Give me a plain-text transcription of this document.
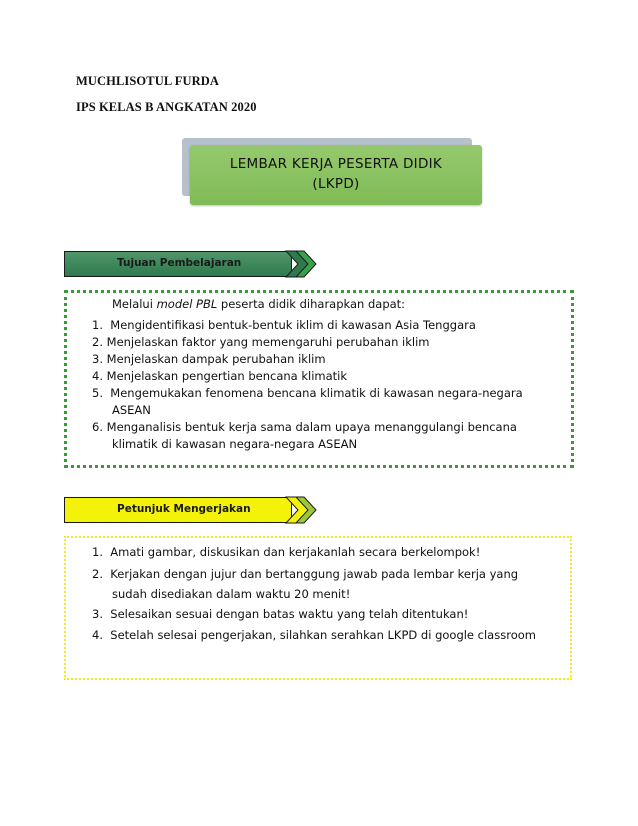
MUCHLISOTUL FURDA
IPS KELAS B ANGKATAN 2020
LEMBAR KERJA PESERTA DIDIK
(LKPD)
Tujuan Pembelajaran
Melalui model PBL peserta didik diharapkan dapat:
1. Mengidentifikasi bentuk-bentuk iklim di kawasan Asia Tenggara
2. Menjelaskan faktor yang memengaruhi perubahan iklim
3. Menjelaskan dampak perubahan iklim
4. Menjelaskan pengertian bencana klimatik
5. Mengemukakan fenomena bencana klimatik di kawasan negara-negara
ASEAN
6. Menganalisis bentuk kerja sama dalam upaya menanggulangi bencana
klimatik di kawasan negara-negara ASEAN
Petunjuk Mengerjakan
1. Amati gambar, diskusikan dan kerjakanlah secara berkelompok!
2. Kerjakan dengan jujur dan bertanggung jawab pada lembar kerja yang
sudah disediakan dalam waktu 20 menit!
3. Selesaikan sesuai dengan batas waktu yang telah ditentukan!
4. Setelah selesai pengerjakan, silahkan serahkan LKPD di google classroom
